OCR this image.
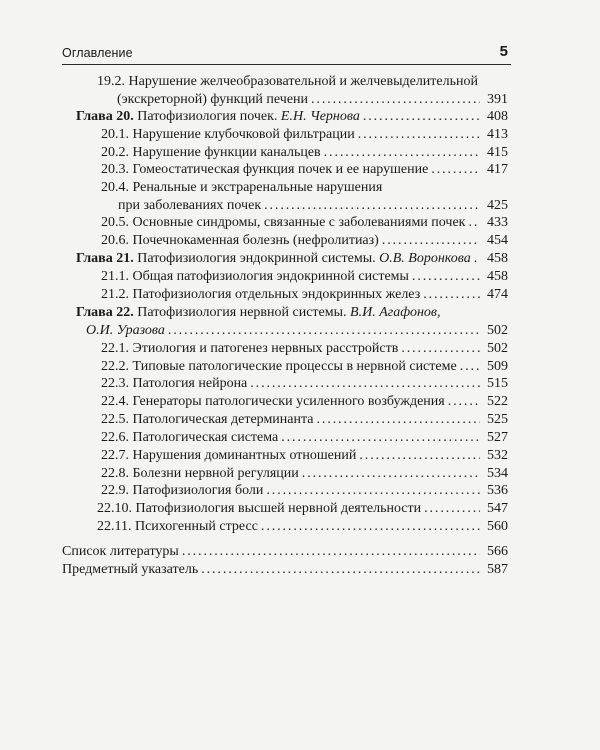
Оглавление	5
19.2. Нарушение желчеобразовательной и желчевыделительной
(экскреторной) функций печени . . .	391
Глава 20. Патофизиология почек. Е.Н. Чернова . . .	408
20.1. Нарушение клубочковой фильтрации . . .	413
20.2. Нарушение функции канальцев . . .	415
20.3. Гомеостатическая функция почек и ее нарушение . . .	417
20.4. Ренальные и экстраренальные нарушения
при заболеваниях почек . . .	425
20.5. Основные синдромы, связанные с заболеваниями почек . . . 433
20.6. Почечнокаменная болезнь (нефролитиаз) . . .	454
Глава 21. Патофизиология эндокринной системы. О.В. Воронкова . . . 458
21.1. Общая патофизиология эндокринной системы . . .	458
21.2. Патофизиология отдельных эндокринных желез . . .	474
Глава 22. Патофизиология нервной системы. В.И. Агафонов,
О.И. Уразова . . .	502
22.1. Этиология и патогенез нервных расстройств . . .	502
22.2. Типовые патологические процессы в нервной системе . . . 509
22.3. Патология нейрона . . .	515
22.4. Генераторы патологически усиленного возбуждения . . .	522
22.5. Патологическая детерминанта . . .	525
22.6. Патологическая система . . .	527
22.7. Нарушения доминантных отношений . . .	532
22.8. Болезни нервной регуляции . . .	534
22.9. Патофизиология боли . . .	536
22.10. Патофизиология высшей нервной деятельности . . .	547
22.11. Психогенный стресс . . .	560
Список литературы . . .	566
Предметный указатель . . .	587
